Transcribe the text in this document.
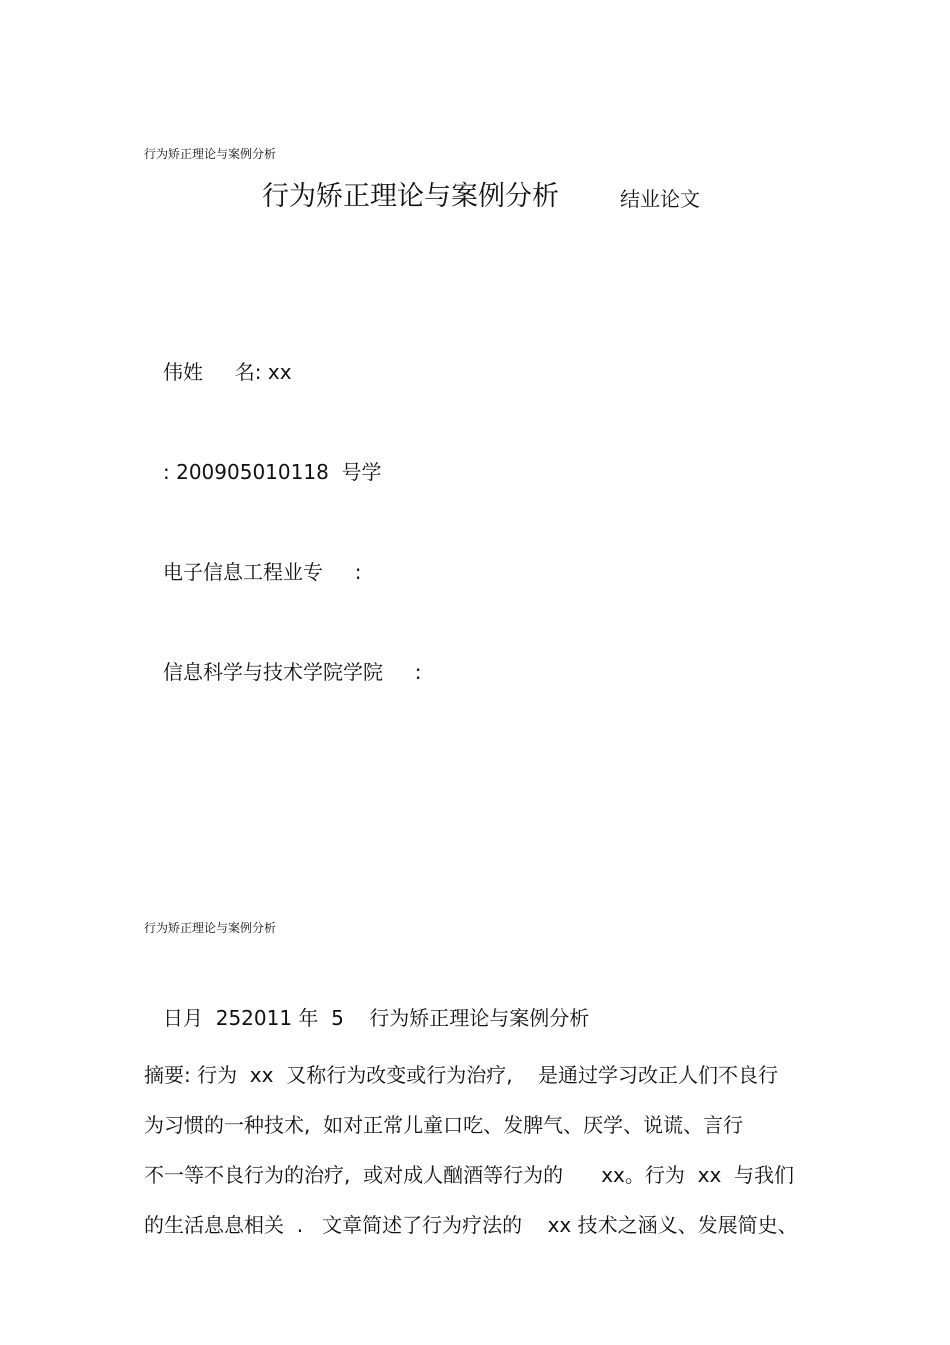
行为矫正理论与案例分析
行为矫正理论与案例分析	结业论文
伟姓     名: xx
: 200905010118  号学
电子信息工程业专     :
信息科学与技术学院学院     :
行为矫正理论与案例分析
日月  252011 年  5    行为矫正理论与案例分析

摘要: 行为  xx  又称行为改变或行为治疗,    是通过学习改正人们不良行

为习惯的一种技术,  如对正常儿童口吃、发脾气、厌学、说谎、言行

不一等不良行为的治疗,  或对成人酗酒等行为的      xx。行为  xx  与我们

的生活息息相关  .   文章简述了行为疗法的    xx 技术之涵义、发展简史、
